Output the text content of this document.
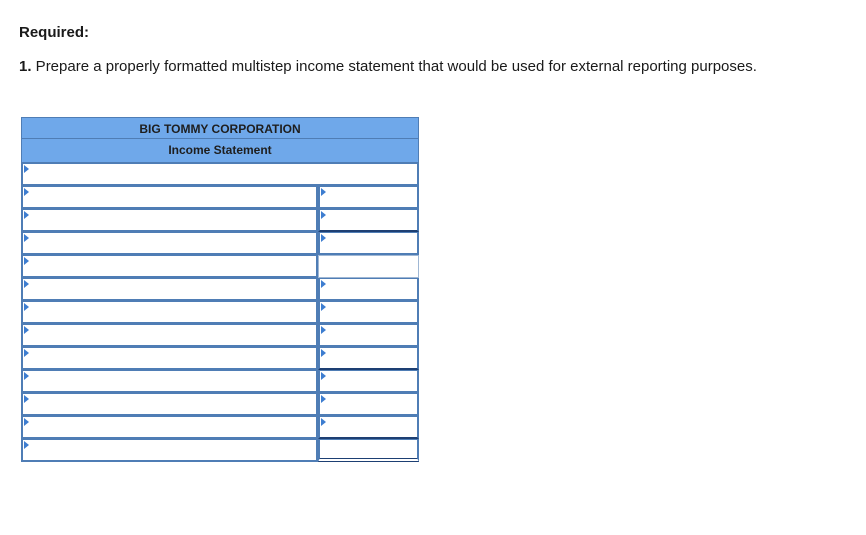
Required:
1. Prepare a properly formatted multistep income statement that would be used for external reporting purposes.
BIG TOMMY CORPORATION
Income Statement
